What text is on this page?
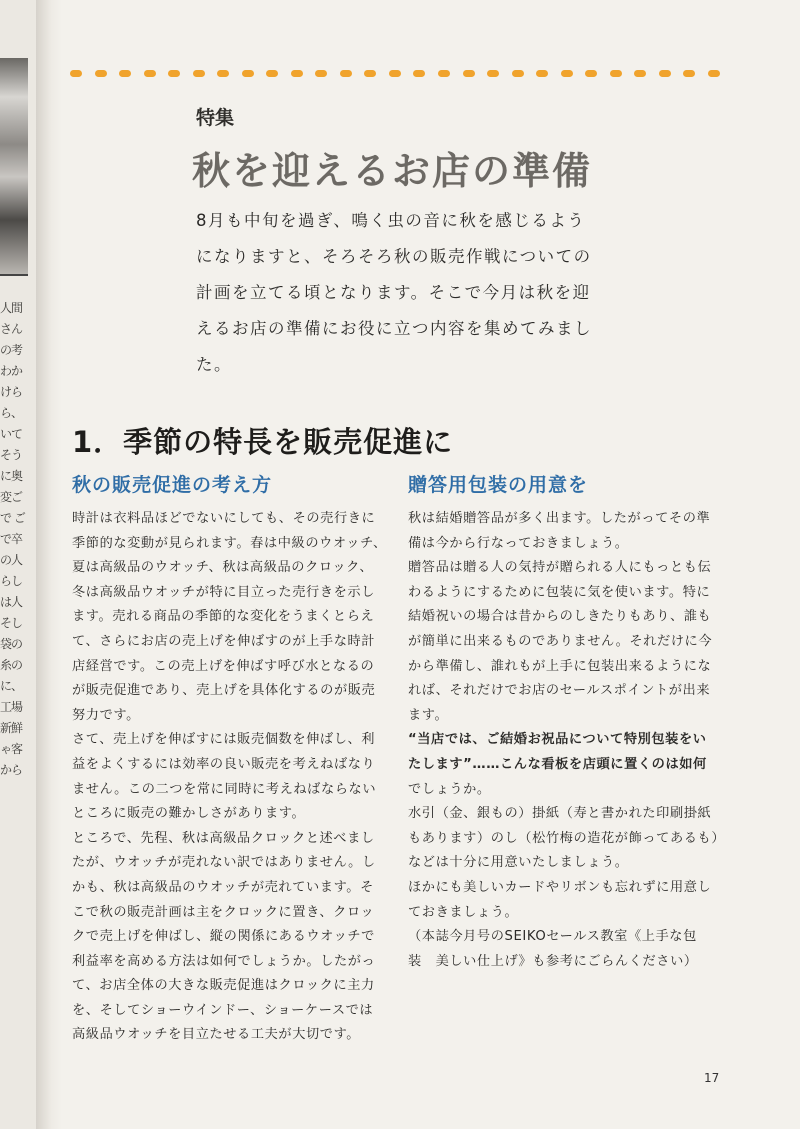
人間
さん
の考
わか
けら
ら、
いて
そう
に奥
変ご
で ご
で卒
の人
らし
は人
そし
袋の
糸の
に、
工場
新鮮
ゃ客
から
特集
秋を迎えるお店の準備
8月も中旬を過ぎ、鳴く虫の音に秋を感じるよう
になりますと、そろそろ秋の販売作戦についての
計画を立てる頃となります。そこで今月は秋を迎
えるお店の準備にお役に立つ内容を集めてみまし
た。
1．季節の特長を販売促進に
秋の販売促進の考え方
時計は衣料品ほどでないにしても、その売行きに
季節的な変動が見られます。春は中級のウオッチ、
夏は高級品のウオッチ、秋は高級品のクロック、
冬は高級品ウオッチが特に目立った売行きを示し
ます。売れる商品の季節的な変化をうまくとらえ
て、さらにお店の売上げを伸ばすのが上手な時計
店経営です。この売上げを伸ばす呼び水となるの
が販売促進であり、売上げを具体化するのが販売
努力です。
さて、売上げを伸ばすには販売個数を伸ばし、利
益をよくするには効率の良い販売を考えねばなり
ません。この二つを常に同時に考えねばならない
ところに販売の難かしさがあります。
ところで、先程、秋は高級品クロックと述べまし
たが、ウオッチが売れない訳ではありません。し
かも、秋は高級品のウオッチが売れています。そ
こで秋の販売計画は主をクロックに置き、クロッ
クで売上げを伸ばし、縦の関係にあるウオッチで
利益率を高める方法は如何でしょうか。したがっ
て、お店全体の大きな販売促進はクロックに主力
を、そしてショーウインドー、ショーケースでは
高級品ウオッチを目立たせる工夫が大切です。
贈答用包装の用意を
秋は結婚贈答品が多く出ます。したがってその準
備は今から行なっておきましょう。
贈答品は贈る人の気持が贈られる人にもっとも伝
わるようにするために包装に気を使います。特に
結婚祝いの場合は昔からのしきたりもあり、誰も
が簡単に出来るものでありません。それだけに今
から準備し、誰れもが上手に包装出来るようにな
れば、それだけでお店のセールスポイントが出来
ます。
“当店では、ご結婚お祝品について特別包装をい
たします”……こんな看板を店頭に置くのは如何
でしょうか。
水引（金、銀もの）掛紙（寿と書かれた印刷掛紙
もあります）のし（松竹梅の造花が飾ってあるも）
などは十分に用意いたしましょう。
ほかにも美しいカードやリボンも忘れずに用意し
ておきましょう。
（本誌今月号のSEIKOセールス教室《上手な包
装　美しい仕上げ》も参考にごらんください）
17
